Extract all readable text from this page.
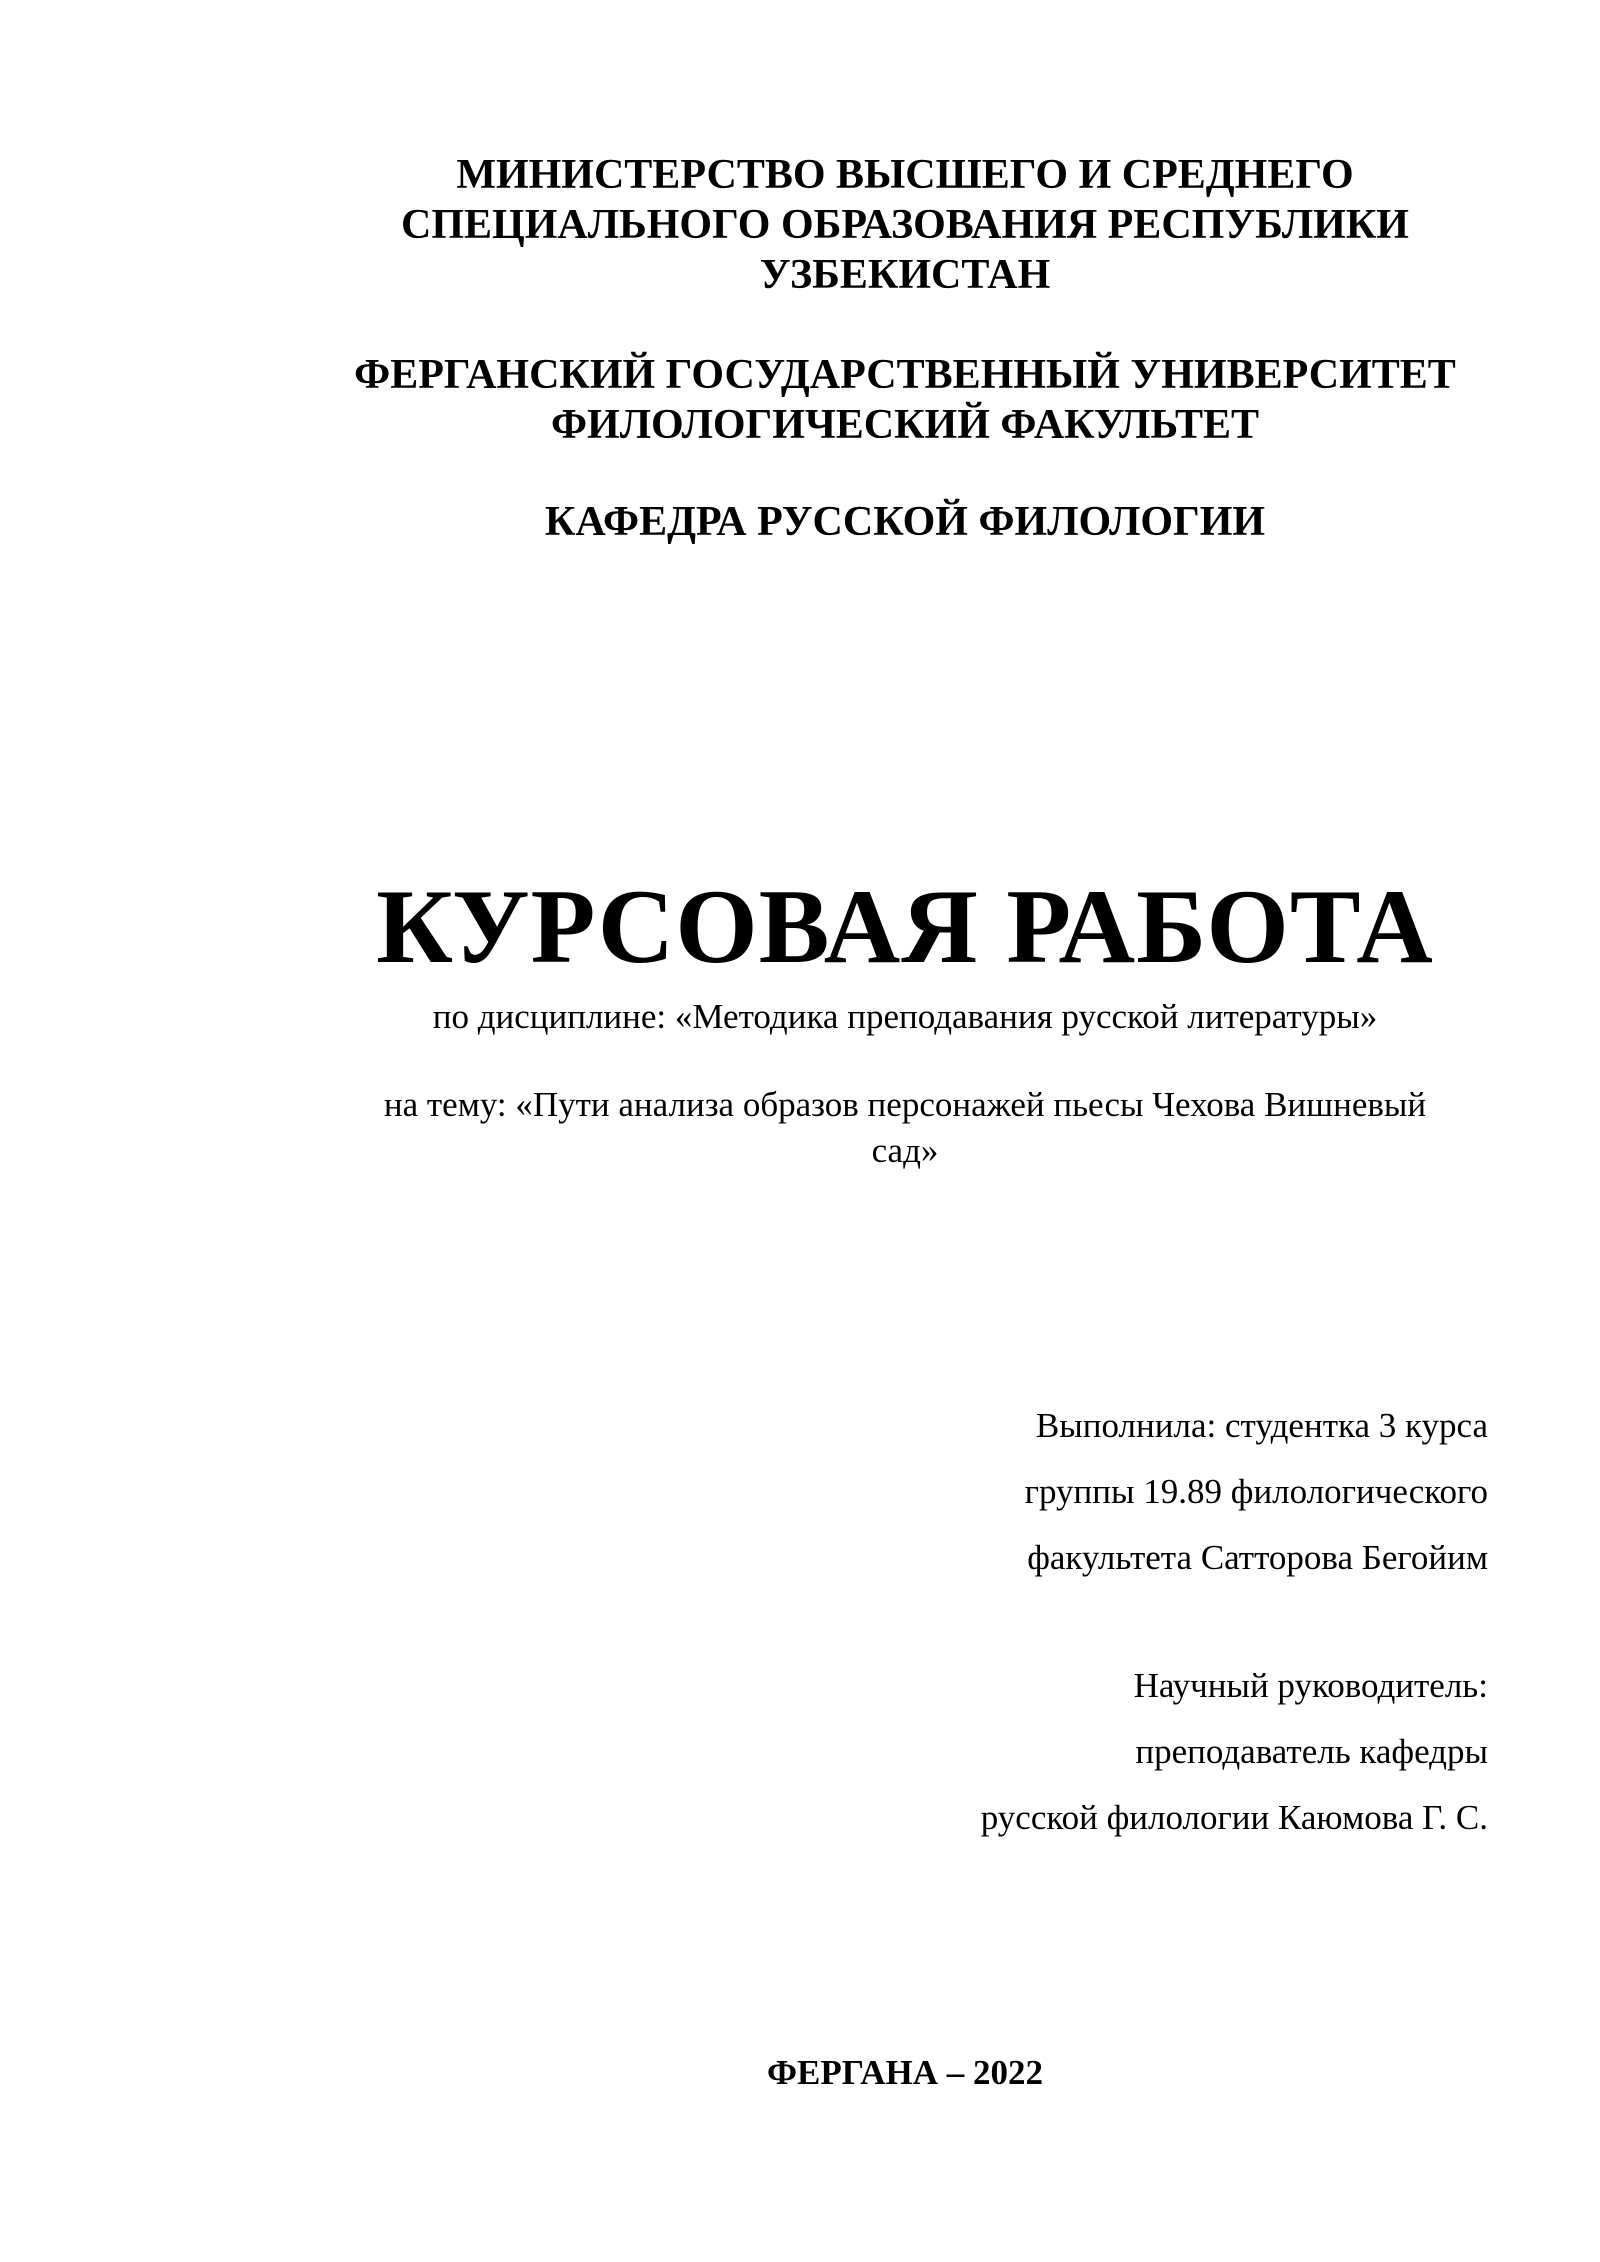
МИНИСТЕРСТВО ВЫСШЕГО И СРЕДНЕГО
СПЕЦИАЛЬНОГО ОБРАЗОВАНИЯ РЕСПУБЛИКИ
УЗБЕКИСТАН
ФЕРГАНСКИЙ ГОСУДАРСТВЕННЫЙ УНИВЕРСИТЕТ
ФИЛОЛОГИЧЕСКИЙ ФАКУЛЬТЕТ
КАФЕДРА РУССКОЙ ФИЛОЛОГИИ
КУРСОВАЯ РАБОТА
по дисциплине: «Методика преподавания русской литературы»
на тему: «Пути анализа образов персонажей пьесы Чехова Вишневый
сад»
Выполнила: студентка 3 курса
группы 19.89 филологического
факультета Сатторова Бегойим
Научный руководитель:
преподаватель кафедры
русской филологии Каюмова Г. С.
ФЕРГАНА – 2022
